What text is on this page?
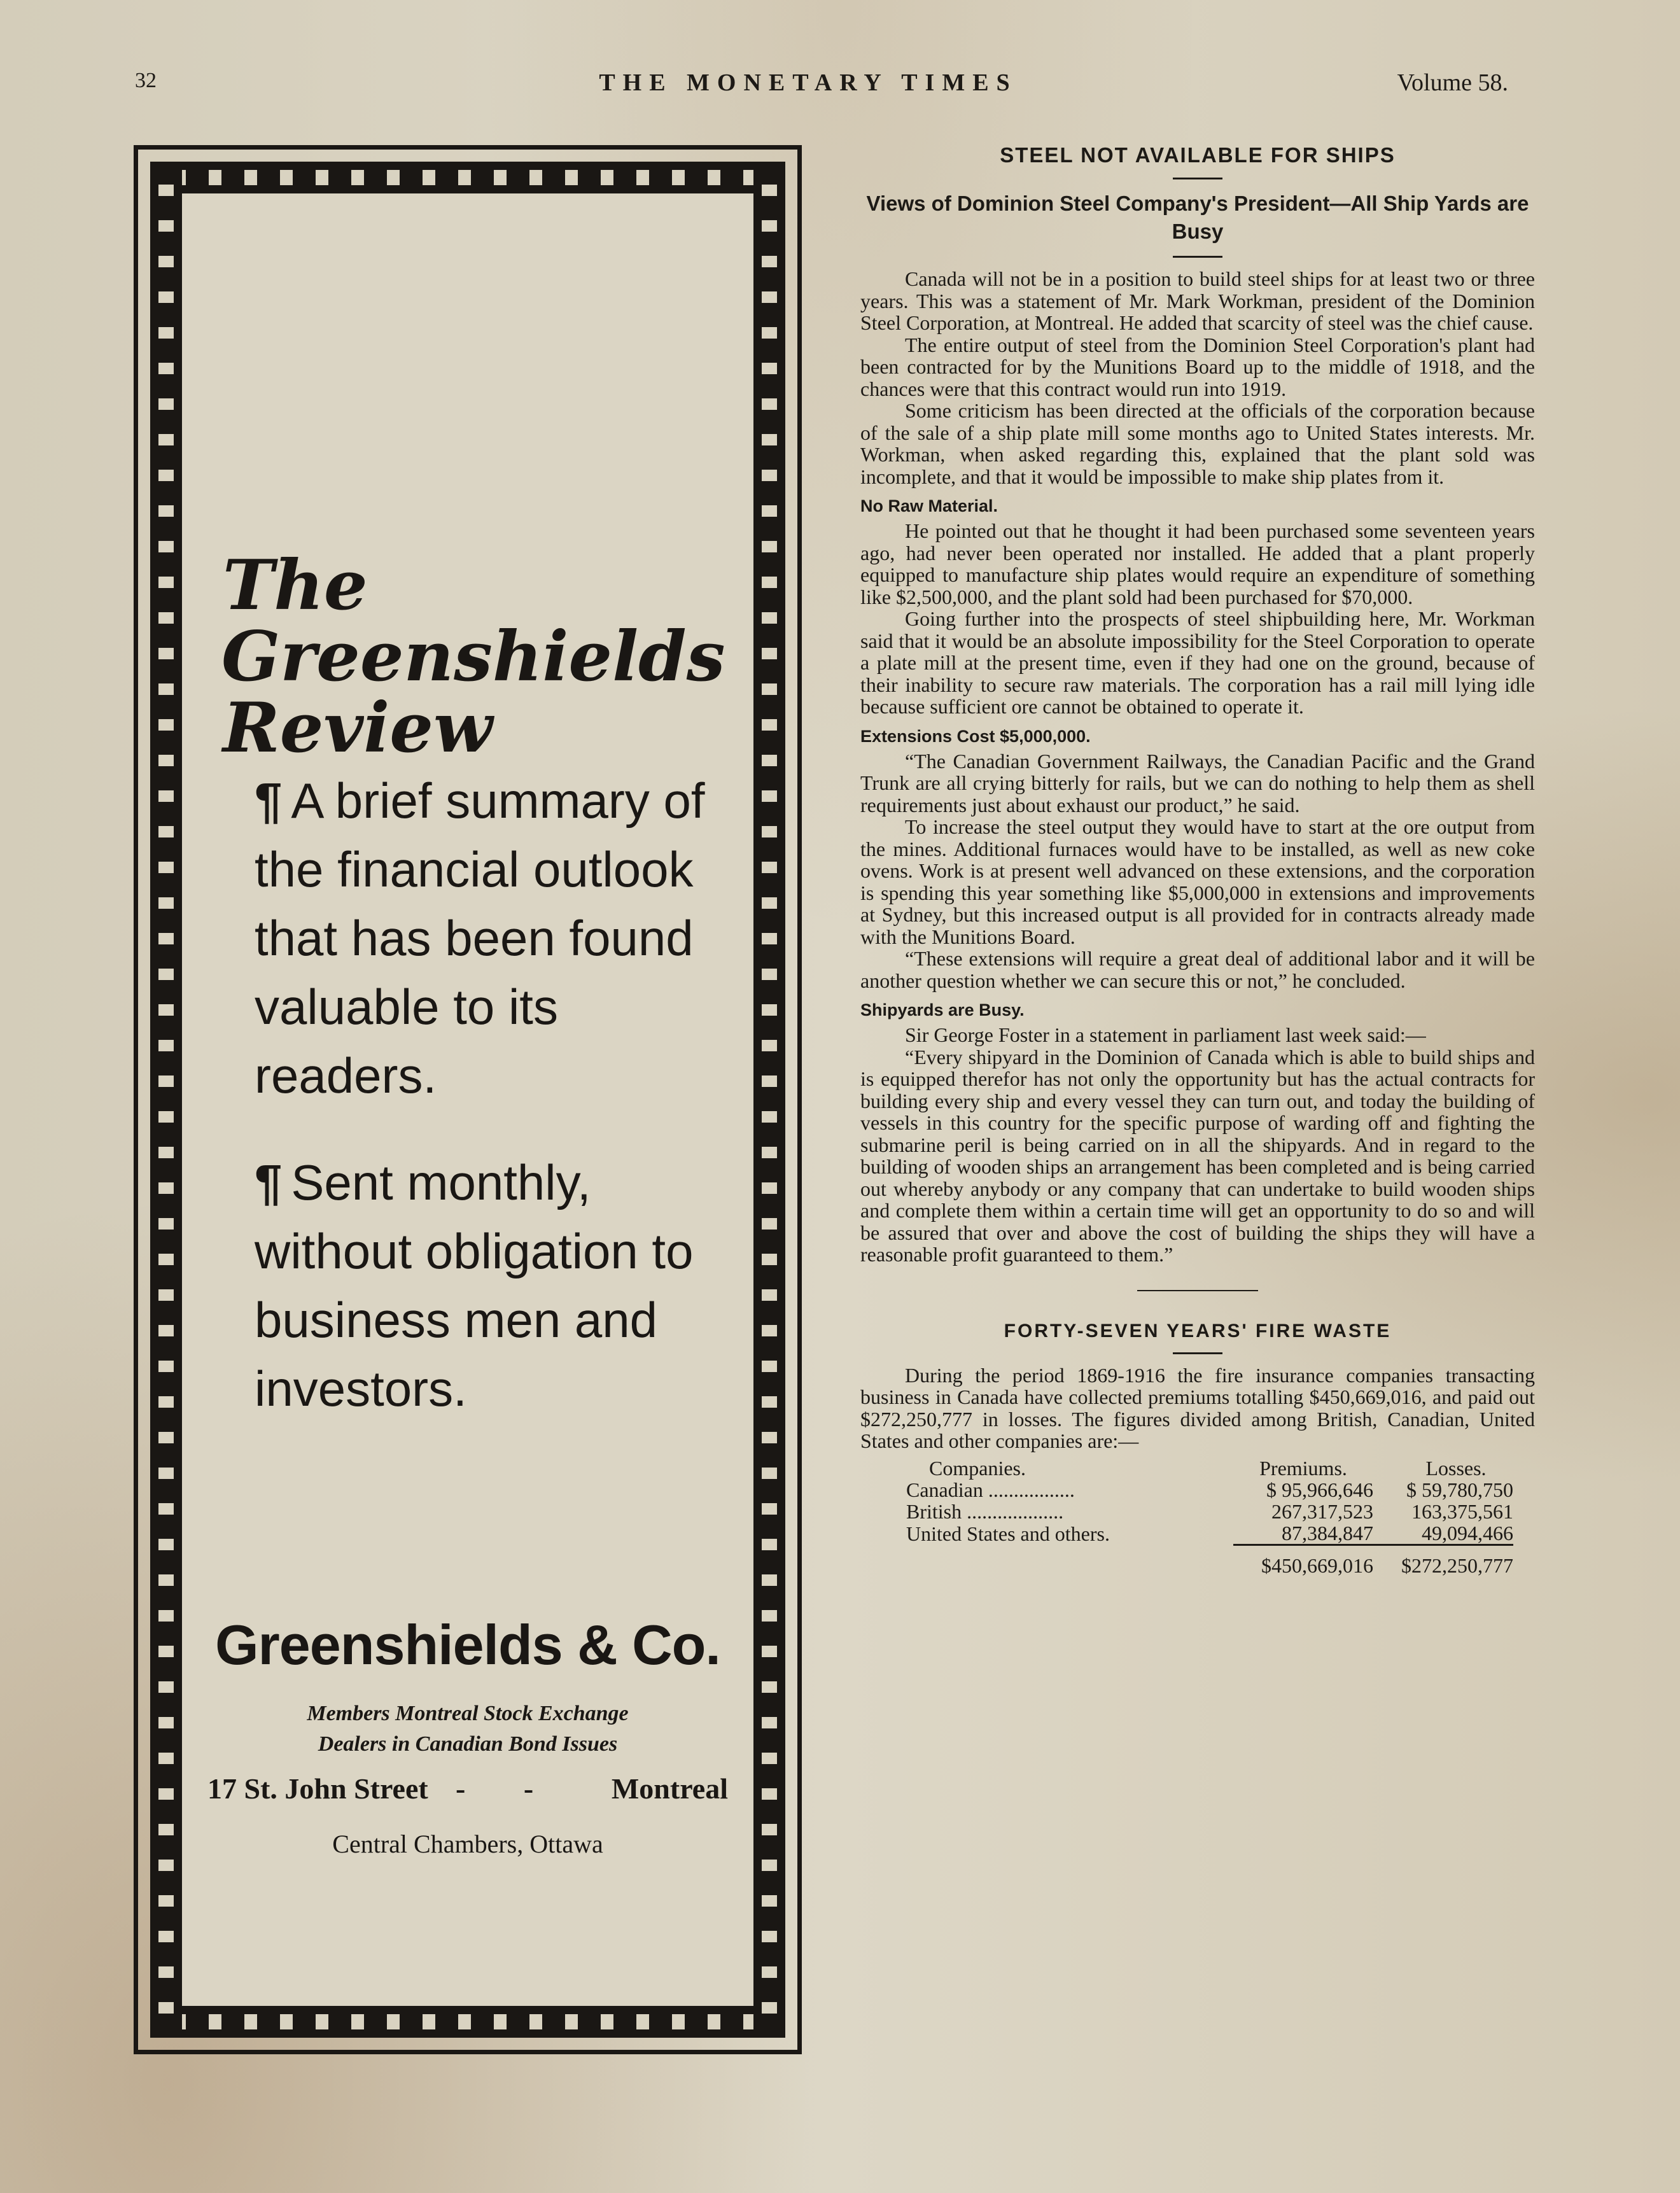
32	THE MONETARY TIMES	Volume 58.
The
Greenshields
Review
¶ A brief summary of the financial outlook that has been found valuable to its readers.
¶ Sent monthly, without obligation to business men and investors.
Greenshields & Co.
Members Montreal Stock Exchange
Dealers in Canadian Bond Issues
17 St. John Street - - Montreal
Central Chambers, Ottawa
STEEL NOT AVAILABLE FOR SHIPS
Views of Dominion Steel Company's President—All Ship Yards are Busy

Canada will not be in a position to build steel ships for at least two or three years. This was a statement of Mr. Mark Workman, president of the Dominion Steel Corporation, at Montreal. He added that scarcity of steel was the chief cause.

The entire output of steel from the Dominion Steel Corporation's plant had been contracted for by the Munitions Board up to the middle of 1918, and the chances were that this contract would run into 1919.

Some criticism has been directed at the officials of the corporation because of the sale of a ship plate mill some months ago to United States interests. Mr. Workman, when asked regarding this, explained that the plant sold was incomplete, and that it would be impossible to make ship plates from it.

No Raw Material.

He pointed out that he thought it had been purchased some seventeen years ago, had never been operated nor installed. He added that a plant properly equipped to manufacture ship plates would require an expenditure of something like $2,500,000, and the plant sold had been purchased for $70,000.

Going further into the prospects of steel shipbuilding here, Mr. Workman said that it would be an absolute impossibility for the Steel Corporation to operate a plate mill at the present time, even if they had one on the ground, because of their inability to secure raw materials. The corporation has a rail mill lying idle because sufficient ore cannot be obtained to operate it.

Extensions Cost $5,000,000.

“The Canadian Government Railways, the Canadian Pacific and the Grand Trunk are all crying bitterly for rails, but we can do nothing to help them as shell requirements just about exhaust our product,” he said.

To increase the steel output they would have to start at the ore output from the mines. Additional furnaces would have to be installed, as well as new coke ovens. Work is at present well advanced on these extensions, and the corporation is spending this year something like $5,000,000 in extensions and improvements at Sydney, but this increased output is all provided for in contracts already made with the Munitions Board.

“These extensions will require a great deal of additional labor and it will be another question whether we can secure this or not,” he concluded.

Shipyards are Busy.

Sir George Foster in a statement in parliament last week said:—

“Every shipyard in the Dominion of Canada which is able to build ships and is equipped therefor has not only the opportunity but has the actual contracts for building every ship and every vessel they can turn out, and today the building of vessels in this country for the specific purpose of warding off and fighting the submarine peril is being carried on in all the shipyards. And in regard to the building of wooden ships an arrangement has been completed and is being carried out whereby anybody or any company that can undertake to build wooden ships and complete them within a certain time will get an opportunity to do so and will be assured that over and above the cost of building the ships they will have a reasonable profit guaranteed to them.”

FORTY-SEVEN YEARS' FIRE WASTE

During the period 1869-1916 the fire insurance companies transacting business in Canada have collected premiums totalling $450,669,016, and paid out $272,250,777 in losses. The figures divided among British, Canadian, United States and other companies are:—

Companies.	Premiums.	Losses.
Canadian .................	$ 95,966,646	$ 59,780,750
British ...................	267,317,523	163,375,561
United States and others.	87,384,847	49,094,466
	$450,669,016	$272,250,777
